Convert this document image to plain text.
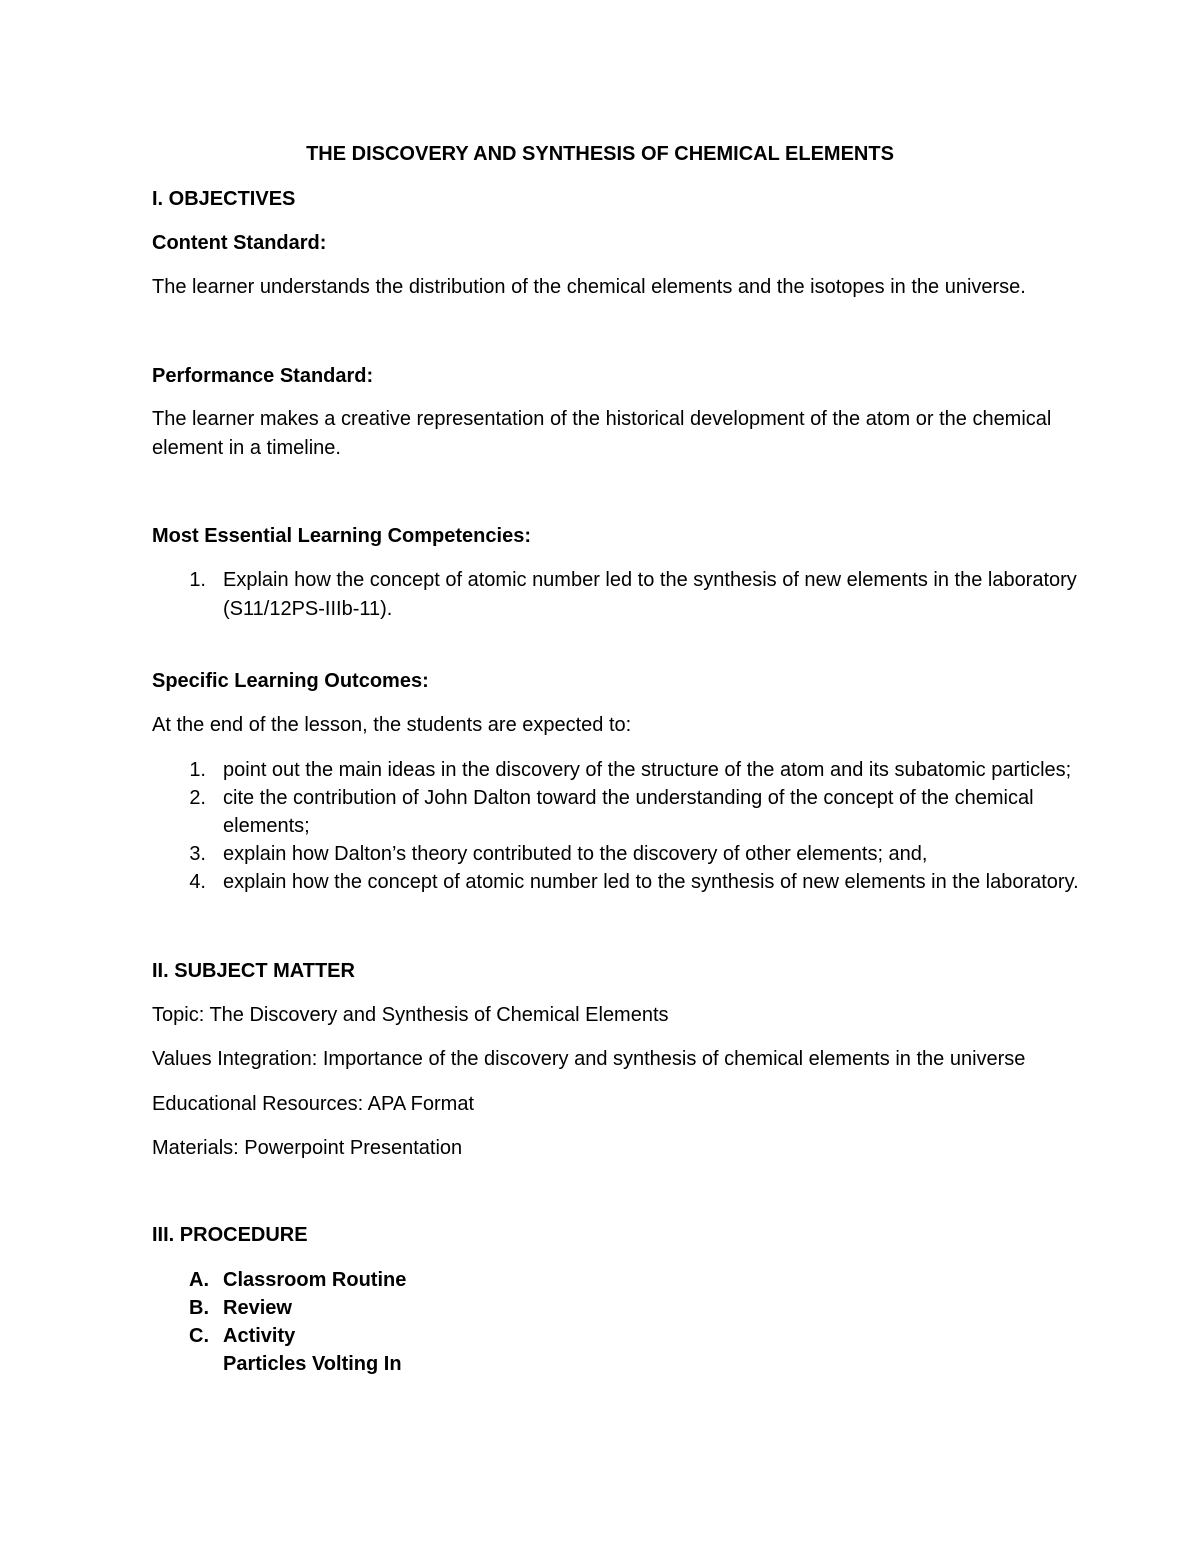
THE DISCOVERY AND SYNTHESIS OF CHEMICAL ELEMENTS
I. OBJECTIVES
Content Standard:
The learner understands the distribution of the chemical elements and the isotopes in the universe.
Performance Standard:
The learner makes a creative representation of the historical development of the atom or the chemical
element in a timeline.
Most Essential Learning Competencies:
1. Explain how the concept of atomic number led to the synthesis of new elements in the laboratory
(S11/12PS-IIIb-11).
Specific Learning Outcomes:
At the end of the lesson, the students are expected to:
1. point out the main ideas in the discovery of the structure of the atom and its subatomic particles;
2. cite the contribution of John Dalton toward the understanding of the concept of the chemical
elements;
3. explain how Dalton’s theory contributed to the discovery of other elements; and,
4. explain how the concept of atomic number led to the synthesis of new elements in the laboratory.
II. SUBJECT MATTER
Topic: The Discovery and Synthesis of Chemical Elements
Values Integration: Importance of the discovery and synthesis of chemical elements in the universe
Educational Resources: APA Format
Materials: Powerpoint Presentation
III. PROCEDURE
A. Classroom Routine
B. Review
C. Activity
Particles Volting In
